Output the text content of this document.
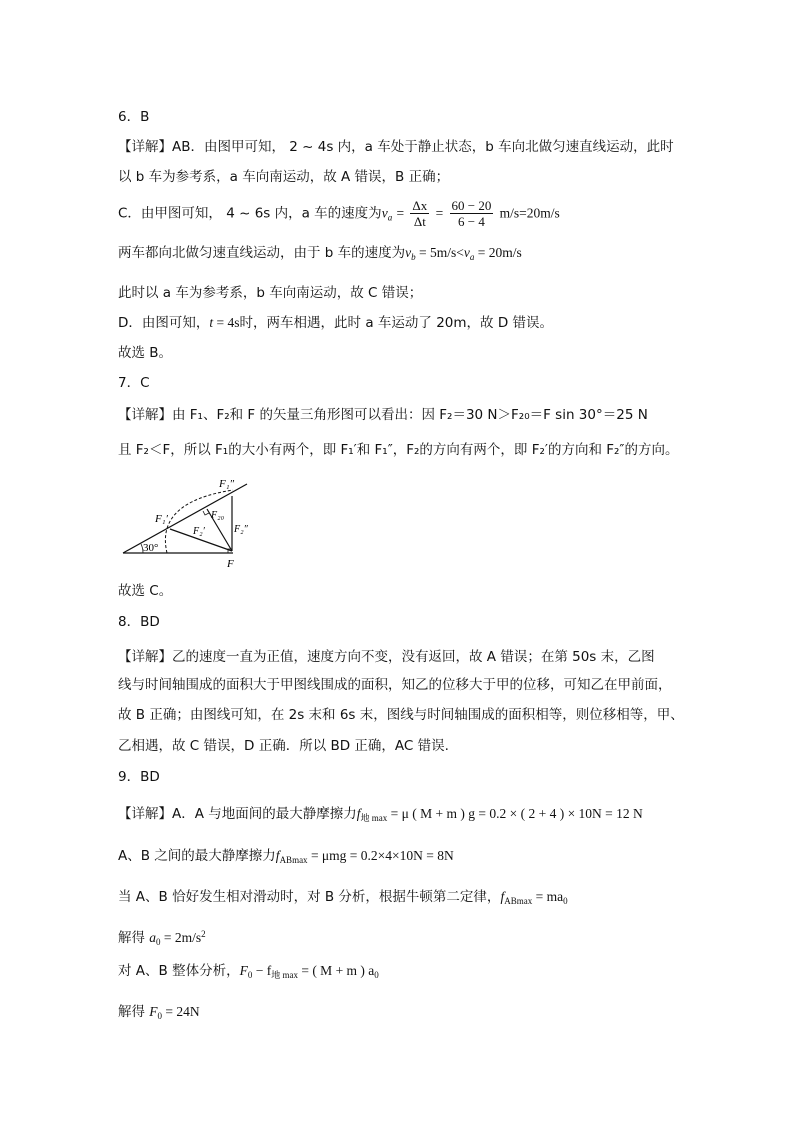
6．B
【详解】AB．由图甲可知， 2 ~ 4s 内，a 车处于静止状态，b 车向北做匀速直线运动，此时
以 b 车为参考系，a 车向南运动，故 A 错误，B 正确；
C．由甲图可知， 4 ~ 6s 内，a 车的速度为$v_a = \frac{\Delta x}{\Delta t} = \frac{60 - 20}{6 - 4} m/s=20m/s$
两车都向北做匀速直线运动，由于 b 车的速度为$v_b = 5m/s<v_a = 20m/s$
此时以 a 车为参考系，b 车向南运动，故 C 错误；
D．由图可知，t = 4s时，两车相遇，此时 a 车运动了 20m，故 D 错误。
故选 B。
7．C
【详解】由 F₁、F₂和 F 的矢量三角形图可以看出：因 F₂＝30 N＞F₂₀＝F sin 30°＝25 N
且 F₂＜F，所以 F₁的大小有两个，即 F₁′和 F₁″，F₂的方向有两个，即 F₂′的方向和 F₂″的方向。
F₁″
F₁′	F₂₀
F₂′	F₂″
30°
F
故选 C。
8．BD
【详解】乙的速度一直为正值，速度方向不变，没有返回，故 A 错误；在第 50s 末，乙图
线与时间轴围成的面积大于甲图线围成的面积，知乙的位移大于甲的位移，可知乙在甲前面，
故 B 正确；由图线可知，在 2s 末和 6s 末，图线与时间轴围成的面积相等，则位移相等，甲、
乙相遇，故 C 错误，D 正确．所以 BD 正确，AC 错误.
9．BD
【详解】A．A 与地面间的最大静摩擦力$f_{地 max} = \mu$ ( M + m ) g = 0.2 × ( 2 + 4 ) × 10N = 12 N
A、B 之间的最大静摩擦力$f_{ABmax} = \mu mg = 0.2\times 4\times 10N = 8N$
当 A、B 恰好发生相对滑动时，对 B 分析，根据牛顿第二定律，$f_{ABmax} = ma_0$
解得 $a_0 = 2m/s^2$
对 A、B 整体分析，$F_0 - f_{地 max}$ = ( M + m ) $a_0$
解得 $F_0 = 24N$
